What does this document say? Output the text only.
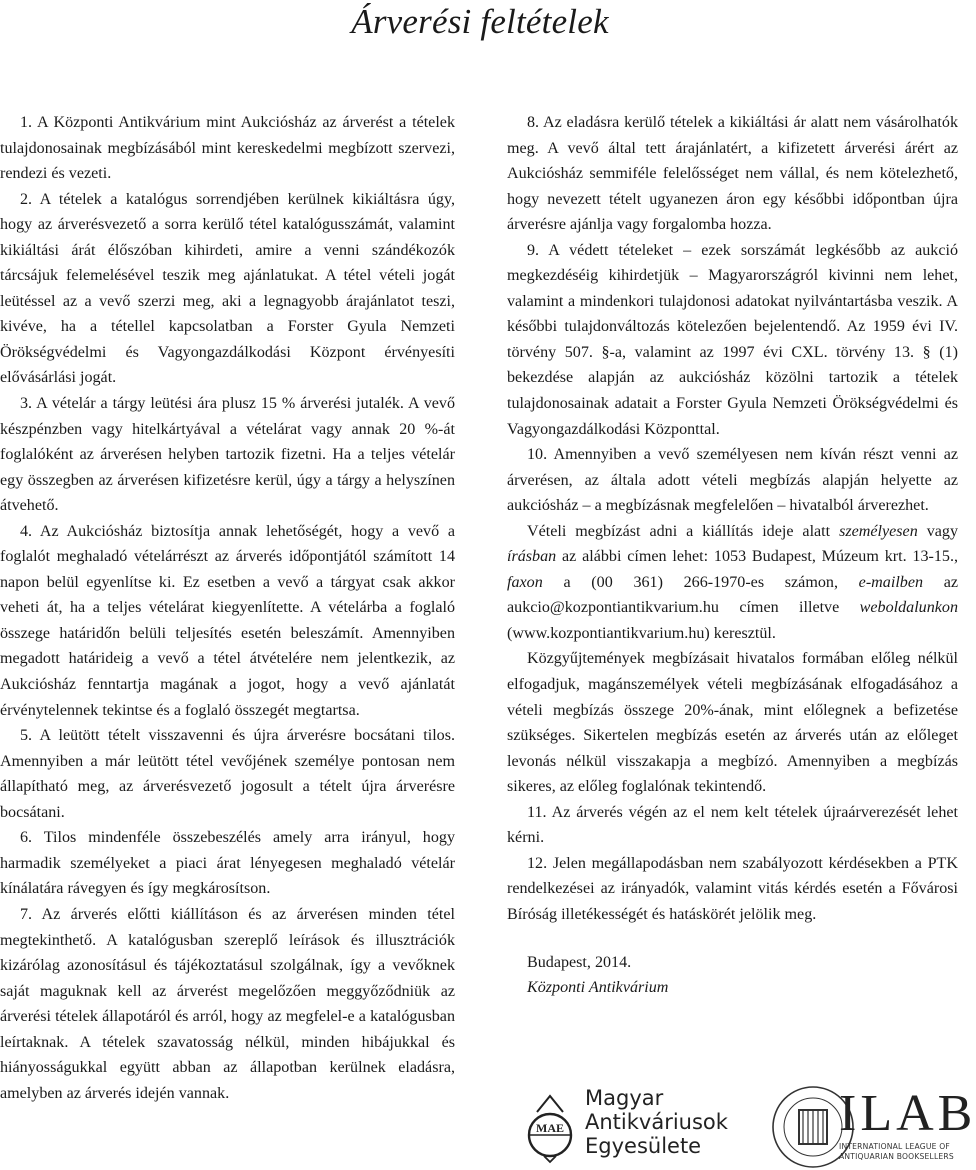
Árverési feltételek

1. A Központi Antikvárium mint Aukciósház az árverést a tételek tulajdonosainak megbízásából mint kereskedelmi megbízott szervezi, rendezi és vezeti.

2. A tételek a katalógus sorrendjében kerülnek kikiáltásra úgy, hogy az árverésvezető a sorra kerülő tétel katalógusszámát, valamint kikiáltási árát élőszóban kihirdeti, amire a venni szándékozók tárcsájuk felemelésével teszik meg ajánlatukat. A tétel vételi jogát leütéssel az a vevő szerzi meg, aki a legnagyobb árajánlatot teszi, kivéve, ha a tétellel kapcsolatban a Forster Gyula Nemzeti Örökségvédelmi és Vagyongazdálkodási Központ érvényesíti elővásárlási jogát.

3. A vételár a tárgy leütési ára plusz 15 % árverési jutalék. A vevő készpénzben vagy hitelkártyával a vételárat vagy annak 20 %-át foglalóként az árverésen helyben tartozik fizetni. Ha a teljes vételár egy összegben az árverésen kifizetésre kerül, úgy a tárgy a helyszínen átvehető.

4. Az Aukciósház biztosítja annak lehetőségét, hogy a vevő a foglalót meghaladó vételárrészt az árverés időpontjától számított 14 napon belül egyenlítse ki. Ez esetben a vevő a tárgyat csak akkor veheti át, ha a teljes vételárat kiegyenlítette. A vételárba a foglaló összege határidőn belüli teljesítés esetén beleszámít. Amennyiben megadott határideig a vevő a tétel átvételére nem jelentkezik, az Aukciósház fenntartja magának a jogot, hogy a vevő ajánlatát érvénytelennek tekintse és a foglaló összegét megtartsa.

5. A leütött tételt visszavenni és újra árverésre bocsátani tilos. Amennyiben a már leütött tétel vevőjének személye pontosan nem állapítható meg, az árverésvezető jogosult a tételt újra árverésre bocsátani.

6. Tilos mindenféle összebeszélés amely arra irányul, hogy harmadik személyeket a piaci árat lényegesen meghaladó vételár kínálatára rávegyen és így megkárosítson.

7. Az árverés előtti kiállításon és az árverésen minden tétel megtekinthető. A katalógusban szereplő leírások és illusztrációk kizárólag azonosításul és tájékoztatásul szolgálnak, így a vevőknek saját maguknak kell az árverést megelőzően meggyőződniük az árverési tételek állapotáról és arról, hogy az megfelel-e a katalógusban leírtaknak. A tételek szavatosság nélkül, minden hibájukkal és hiányosságukkal együtt abban az állapotban kerülnek eladásra, amelyben az árverés idején vannak.

8. Az eladásra kerülő tételek a kikiáltási ár alatt nem vásárolhatók meg. A vevő által tett árajánlatért, a kifizetett árverési árért az Aukciósház semmiféle felelősséget nem vállal, és nem kötelezhető, hogy nevezett tételt ugyanezen áron egy későbbi időpontban újra árverésre ajánlja vagy forgalomba hozza.

9. A védett tételeket – ezek sorszámát legkésőbb az aukció megkezdéséig kihirdetjük – Magyarországról kivinni nem lehet, valamint a mindenkori tulajdonosi adatokat nyilvántartásba veszik. A későbbi tulajdonváltozás kötelezően bejelentendő. Az 1959 évi IV. törvény 507. §-a, valamint az 1997 évi CXL. törvény 13. § (1) bekezdése alapján az aukciósház közölni tartozik a tételek tulajdonosainak adatait a Forster Gyula Nemzeti Örökségvédelmi és Vagyongazdálkodási Központtal.

10. Amennyiben a vevő személyesen nem kíván részt venni az árverésen, az általa adott vételi megbízás alapján helyette az aukciósház – a megbízásnak megfelelően – hivatalból árverezhet.

Vételi megbízást adni a kiállítás ideje alatt személyesen vagy írásban az alábbi címen lehet: 1053 Budapest, Múzeum krt. 13-15., faxon a (00 361) 266-1970-es számon, e-mailben az aukcio@kozpontiantikvarium.hu címen illetve weboldalunkon (www.kozpontiantikvarium.hu) keresztül.

Közgyűjtemények megbízásait hivatalos formában előleg nélkül elfogadjuk, magánszemélyek vételi megbízásának elfogadásához a vételi megbízás összege 20%-ának, mint előlegnek a befizetése szükséges. Sikertelen megbízás esetén az árverés után az előleget levonás nélkül visszakapja a megbízó. Amennyiben a megbízás sikeres, az előleg foglalónak tekintendő.

11. Az árverés végén az el nem kelt tételek újraárverezését lehet kérni.

12. Jelen megállapodásban nem szabályozott kérdésekben a PTK rendelkezései az irányadók, valamint vitás kérdés esetén a Fővárosi Bíróság illetékességét és hatáskörét jelölik meg.

Budapest, 2014.

Központi Antikvárium

MAE
Magyar
Antikváriusok
Egyesülete
ILAB
INTERNATIONAL LEAGUE OF ANTIQUARIAN BOOKSELLERS
